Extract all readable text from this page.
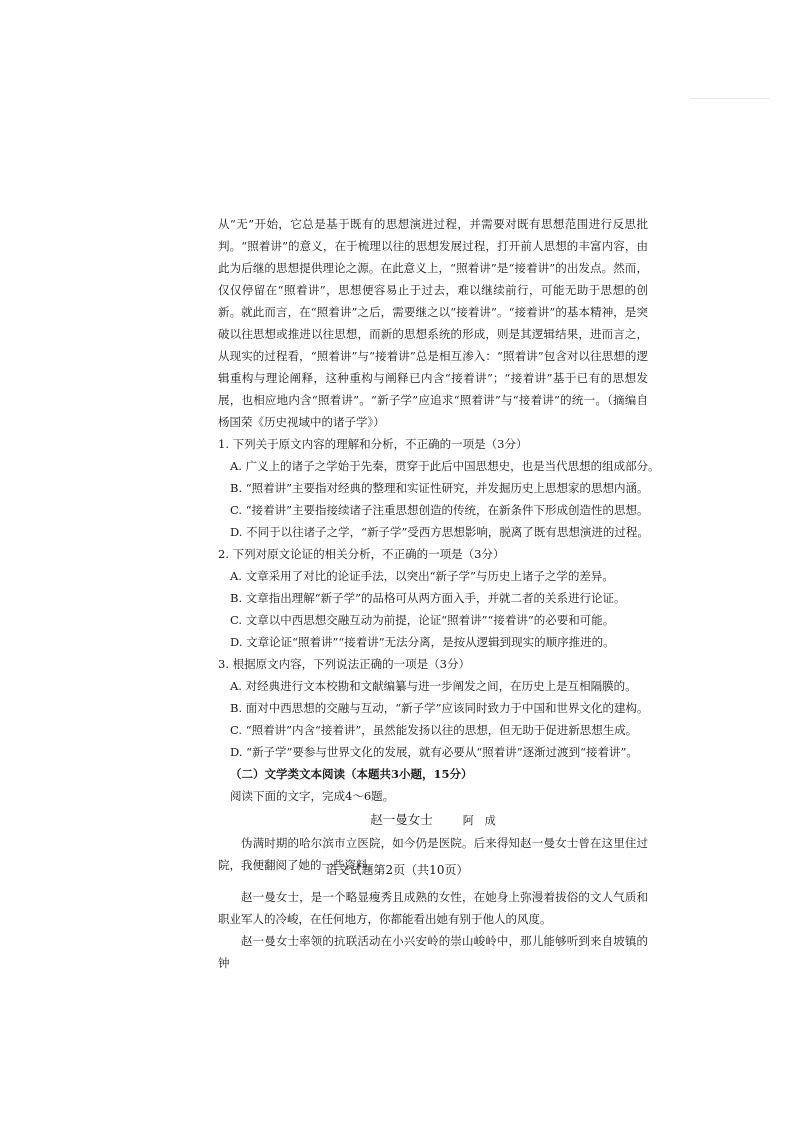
从“无”开始，它总是基于既有的思想演进过程，并需要对既有思想范围进行反思批判。“照着讲”的意义，在于梳理以往的思想发展过程，打开前人思想的丰富内容，由此为后继的思想提供理论之源。在此意义上，“照着讲”是“接着讲”的出发点。然而，仅仅停留在“照着讲”，思想便容易止于过去，难以继续前行，可能无助于思想的创新。就此而言，在“照着讲”之后，需要继之以“接着讲”。“接着讲”的基本精神，是突破以往思想或推进以往思想，而新的思想系统的形成，则是其逻辑结果，进而言之，从现实的过程看，“照着讲”与“接着讲”总是相互渗入：“照着讲”包含对以往思想的逻辑重构与理论阐释，这种重构与阐释已内含“接着讲”；“接着讲”基于已有的思想发展，也相应地内含“照着讲”。“新子学”应追求“照着讲”与“接着讲”的统一。（摘编自杨国荣《历史视域中的诸子学》）

1. 下列关于原文内容的理解和分析，不正确的一项是（3分）

A. 广义上的诸子之学始于先秦，贯穿于此后中国思想史，也是当代思想的组成部分。

B. “照着讲”主要指对经典的整理和实证性研究，并发掘历史上思想家的思想内涵。

C. “接着讲”主要指接续诸子注重思想创造的传统，在新条件下形成创造性的思想。

D. 不同于以往诸子之学，“新子学”受西方思想影响，脱离了既有思想演进的过程。

2. 下列对原文论证的相关分析，不正确的一项是（3分）

A. 文章采用了对比的论证手法，以突出“新子学”与历史上诸子之学的差异。

B. 文章指出理解“新子学”的品格可从两方面入手，并就二者的关系进行论证。

C. 文章以中西思想交融互动为前提，论证“照着讲”“接着讲”的必要和可能。

D. 文章论证“照着讲”“接着讲”无法分离，是按从逻辑到现实的顺序推进的。

3. 根据原文内容，下列说法正确的一项是（3分）

A. 对经典进行文本校勘和文献编纂与进一步阐发之间，在历史上是互相隔膜的。

B. 面对中西思想的交融与互动，“新子学”应该同时致力于中国和世界文化的建构。

C. “照着讲”内含“接着讲”，虽然能发扬以往的思想，但无助于促进新思想生成。

D. “新子学”要参与世界文化的发展，就有必要从“照着讲”逐渐过渡到“接着讲”。

（二）文学类文本阅读（本题共3小题，15分）

阅读下面的文字，完成4～6题。

赵一曼女士	阿　成

伪满时期的哈尔滨市立医院，如今仍是医院。后来得知赵一曼女士曾在这里住过院，我便翻阅了她的一些资料。

赵一曼女士，是一个略显瘦秀且成熟的女性，在她身上弥漫着拔俗的文人气质和职业军人的冷峻，在任何地方，你都能看出她有别于他人的风度。

赵一曼女士率领的抗联活动在小兴安岭的崇山峻岭中，那儿能够听到来自坡镇的钟

语文试题第2页（共10页）
